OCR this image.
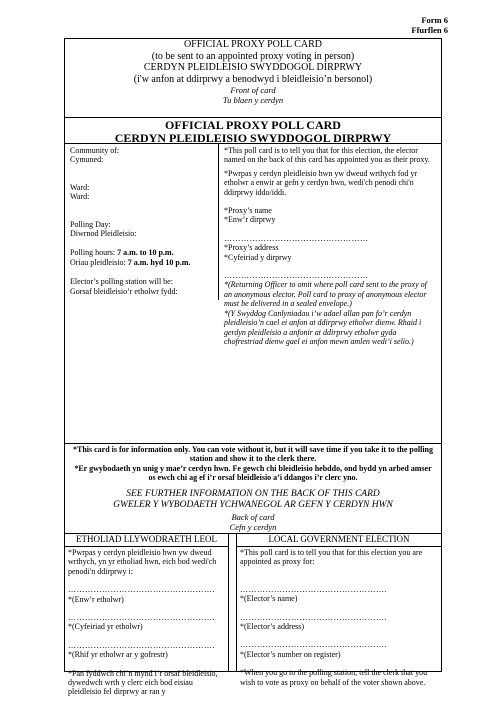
Form 6
Ffurflen 6
OFFICIAL PROXY POLL CARD
(to be sent to an appointed proxy voting in person)
CERDYN PLEIDLEISIO SWYDDOGOL DIRPRWY
(i'w anfon at ddirprwy a benodwyd i bleidleisio’n bersonol)
Front of card
Tu blaen y cerdyn
OFFICIAL PROXY POLL CARD
CERDYN PLEIDLEISIO SWYDDOGOL DIRPRWY
Community of:
Cymuned:
Ward:
Ward:
Polling Day:
Diwrnod Pleidleisio:
Polling hours: 7 a.m. to 10 p.m.
Oriau pleidleisio: 7 a.m. hyd 10 p.m.
Elector’s polling station will be:
Gorsaf bleidleisio’r etholwr fydd:
*This poll card is to tell you that for this election, the elector named on the back of this card has appointed you as their proxy.
*Pwrpas y cerdyn pleidleisio hwn yw dweud wrthych fod yr etholwr a enwir ar gefn y cerdyn hwn, wedi'ch penodi chi'n ddirprwy iddo/iddi.
*Proxy’s name
*Enw’r dirprwy
……………………………………………
*Proxy’s address
*Cyfeiriad y dirprwy
……………………………………………
*(Returning Officer to omit where poll card sent to the proxy of an anonymous elector. Poll card to proxy of anonymous elector must be delivered in a sealed envelope.)
*(Y Swyddog Canlyniadau i’w adael allan pan fo’r cerdyn pleidleisio’n cael ei anfon at ddirprwy etholwr dienw. Rhaid i gerdyn pleidleisio a anfonir at ddirprwy etholwr gyda chofrestriad dienw gael ei anfon mewn amlen wedi’i selio.)
*This card is for information only. You can vote without it, but it will save time if you take it to the polling station and show it to the clerk there.
*Er gwybodaeth yn unig y mae’r cerdyn hwn. Fe gewch chi bleidleisio hebddo, ond bydd yn arbed amser os ewch chi ag ef i’r orsaf bleidleisio a’i ddangos i’r clerc yno.
SEE FURTHER INFORMATION ON THE BACK OF THIS CARD
GWELER Y WYBODAETH YCHWANEGOL AR GEFN Y CERDYN HWN
Back of card
Cefn y cerdyn
ETHOLIAD LLYWODRAETH LEOL	LOCAL GOVERNMENT ELECTION
*Pwrpas y cerdyn pleidleisio hwn yw dweud wrthych, yn yr etholiad hwn, eich bod wedi'ch penodi'n ddirprwy i:
…………………………………………….
*(Enw’r etholwr)
…………………………………………….
*(Cyfeiriad yr etholwr)
…………………………………………….
*(Rhif yr etholwr ar y gofrestr)
*Pan fyddwch chi’n mynd i’r orsaf bleidleisio, dywedwch wrth y clerc eich bod eisiau pleidleisio fel dirprwy ar ran y
*This poll card is to tell you that for this election you are appointed as proxy for:
…………………………………………….
*(Elector’s name)
…………………………………………….
*(Elector’s address)
…………………………………………….
*(Elector’s number on register)
*When you go to the polling station, tell the clerk that you wish to vote as proxy on behalf of the voter shown above.
